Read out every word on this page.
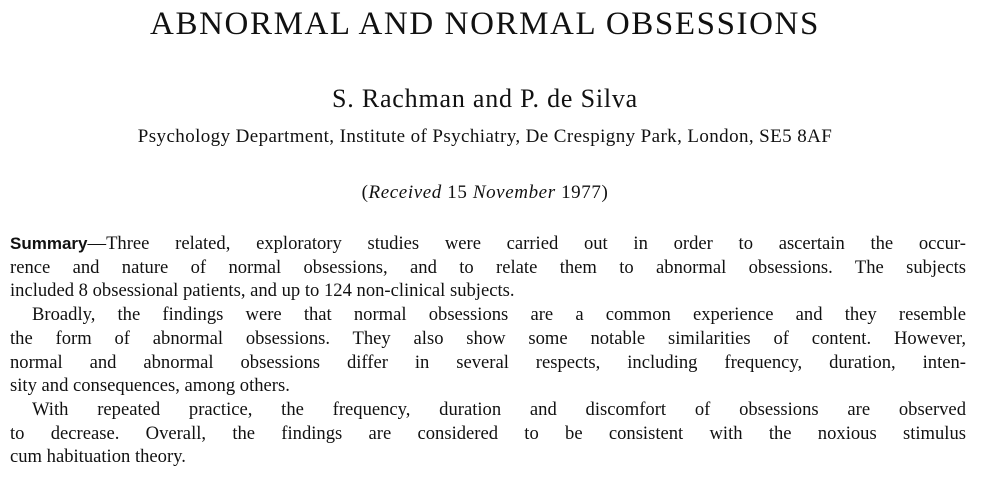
ABNORMAL AND NORMAL OBSESSIONS
S. Rachman and P. de Silva
Psychology Department, Institute of Psychiatry, De Crespigny Park, London, SE5 8AF
(Received 15 November 1977)
Summary—Three related, exploratory studies were carried out in order to ascertain the occur-
rence and nature of normal obsessions, and to relate them to abnormal obsessions. The subjects
included 8 obsessional patients, and up to 124 non-clinical subjects.
Broadly, the findings were that normal obsessions are a common experience and they resemble
the form of abnormal obsessions. They also show some notable similarities of content. However,
normal and abnormal obsessions differ in several respects, including frequency, duration, inten-
sity and consequences, among others.
With repeated practice, the frequency, duration and discomfort of obsessions are observed
to decrease. Overall, the findings are considered to be consistent with the noxious stimulus
cum habituation theory.
